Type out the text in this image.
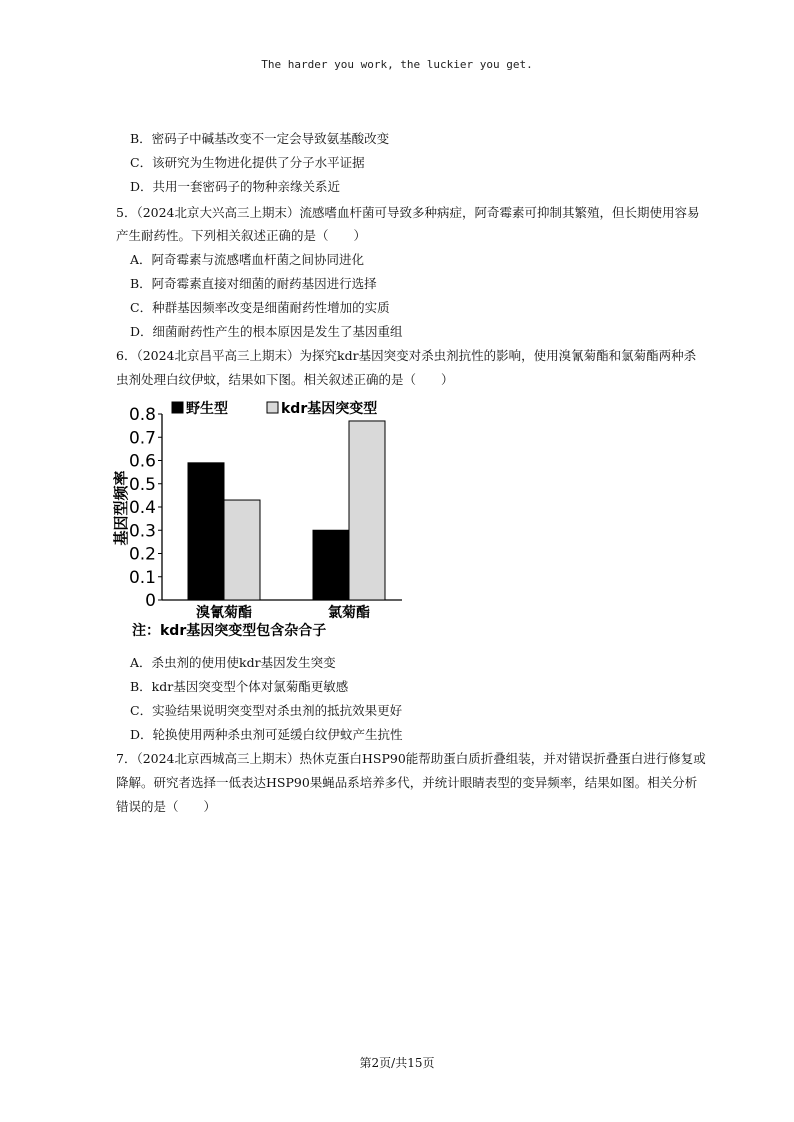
The harder you work, the luckier you get.
B．密码子中碱基改变不一定会导致氨基酸改变
C．该研究为生物进化提供了分子水平证据
D．共用一套密码子的物种亲缘关系近
5．（2024北京大兴高三上期末）流感嗜血杆菌可导致多种病症，阿奇霉素可抑制其繁殖，但长期使用容易
产生耐药性。下列相关叙述正确的是（　　）
A．阿奇霉素与流感嗜血杆菌之间协同进化
B．阿奇霉素直接对细菌的耐药基因进行选择
C．种群基因频率改变是细菌耐药性增加的实质
D．细菌耐药性产生的根本原因是发生了基因重组
6．（2024北京昌平高三上期末）为探究kdr基因突变对杀虫剂抗性的影响，使用溴氰菊酯和氯菊酯两种杀
虫剂处理白纹伊蚊，结果如下图。相关叙述正确的是（　　）
0
0.1
0.2
0.3
0.4
0.5
0.6
0.7
0.8
基因型频率
溴氰菊酯	氯菊酯
野生型	kdr基因突变型
注：kdr基因突变型包含杂合子
A．杀虫剂的使用使kdr基因发生突变
B．kdr基因突变型个体对氯菊酯更敏感
C．实验结果说明突变型对杀虫剂的抵抗效果更好
D．轮换使用两种杀虫剂可延缓白纹伊蚊产生抗性
7．（2024北京西城高三上期末）热休克蛋白HSP90能帮助蛋白质折叠组装，并对错误折叠蛋白进行修复或
降解。研究者选择一低表达HSP90果蝇品系培养多代，并统计眼睛表型的变异频率，结果如图。相关分析
错误的是（　　）
第2页/共15页
